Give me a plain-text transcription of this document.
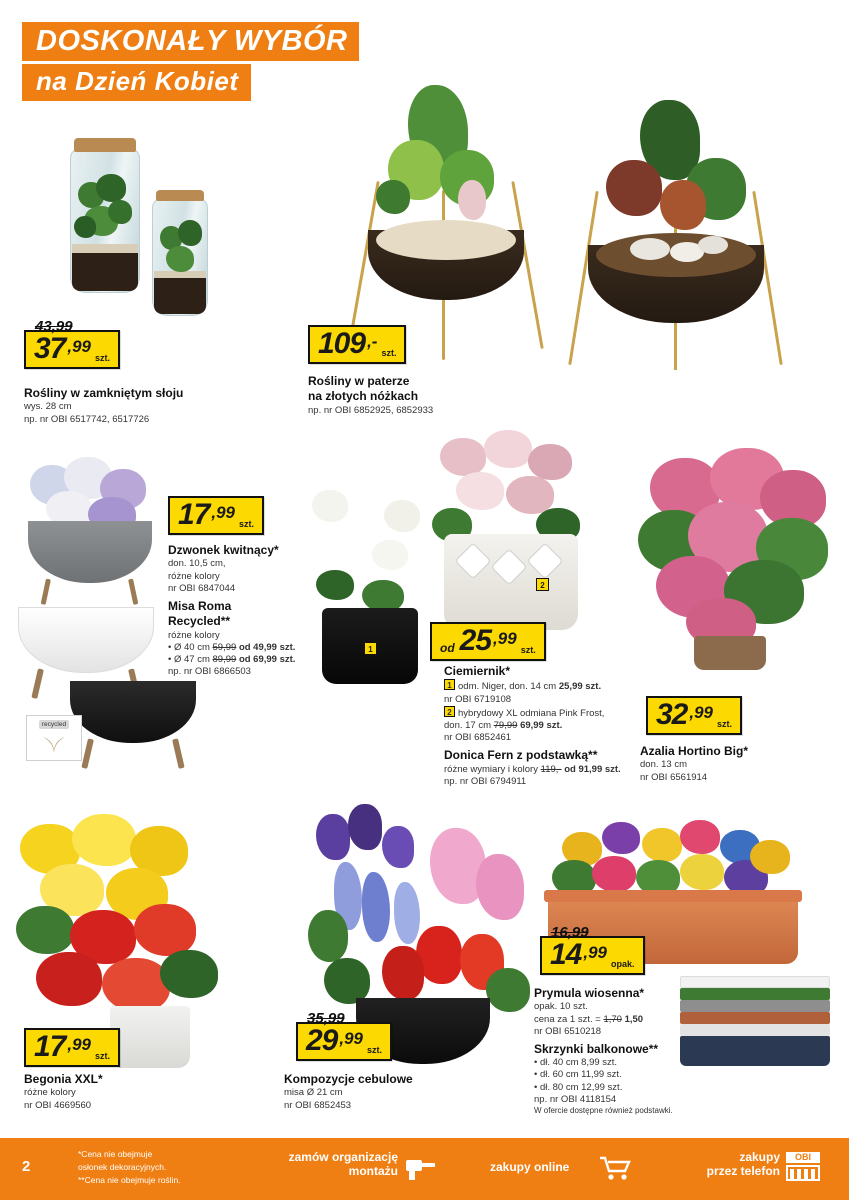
DOSKONAŁY WYBÓR
na Dzień Kobiet
43,99
37 ,99
szt.
Rośliny w zamkniętym słoju
wys. 28 cm
np. nr OBI 6517742, 6517726
109 ,-
szt.
Rośliny w paterze
na złotych nóżkach
np. nr OBI 6852925, 6852933
recycled
17 ,99
szt.
Dzwonek kwitnący*
don. 10,5 cm,
różne kolory
nr OBI 6847044
Misa Roma
Recycled**
różne kolory
• Ø 40 cm 59,99 od 49,99 szt.
• Ø 47 cm 89,99 od 69,99 szt.
np. nr OBI 6866503
1
2
od 25 ,99
szt.
Ciemiernik*
1 odm. Niger, don. 14 cm 25,99 szt.
nr OBI 6719108
2 hybrydowy XL odmiana Pink Frost,
don. 17 cm 79,99 69,99 szt.
nr OBI 6852461
Donica Fern z podstawką**
różne wymiary i kolory 119,- od 91,99 szt.
np. nr OBI 6794911
32 ,99
szt.
Azalia Hortino Big*
don. 13 cm
nr OBI 6561914
17 ,99
szt.
Begonia XXL*
różne kolory
nr OBI 4669560
35,99
29 ,99
szt.
Kompozycje cebulowe
misa Ø 21 cm
nr OBI 6852453
16,99
14 ,99
opak.
Prymula wiosenna*
opak. 10 szt.
cena za 1 szt. = 1,70 1,50
nr OBI 6510218
Skrzynki balkonowe**
• dł. 40 cm 8,99 szt.
• dł. 60 cm 11,99 szt.
• dł. 80 cm 12,99 szt.
np. nr OBI 4118154
W ofercie dostępne również podstawki.
2
*Cena nie obejmuje
osłonek dekoracyjnych.
**Cena nie obejmuje roślin.
zamów organizację
montażu	zakupy online
zakupy
przez telefon
OBI
